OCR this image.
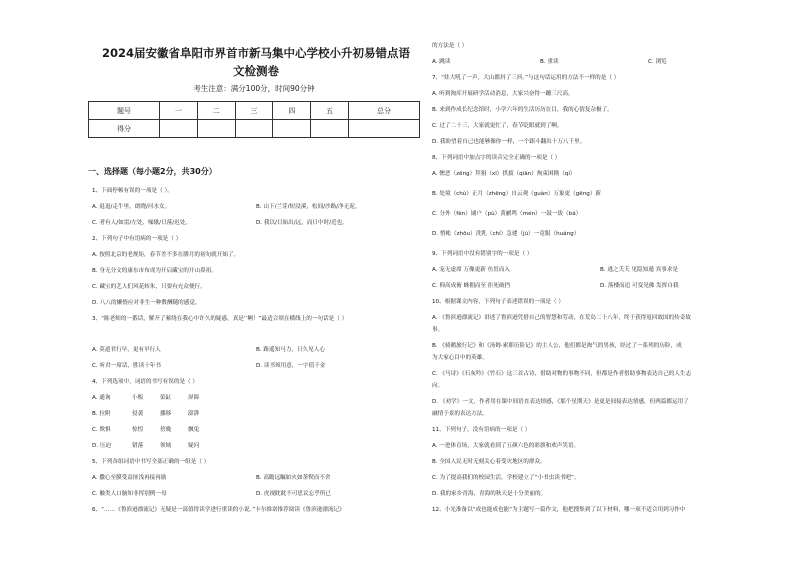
2024届安徽省阜阳市界首市新马集中心学校小升初易错点语
文检测卷
考生注意：满分100分，时间90分钟
题号	一	二	三	四	五	总分
得分						
一、选择题（每小题2分，共30分）
1、下面停顿有误的一项是（ ）。
A. 退退/走牛里，朗晓/河水女。	B. 山下/兰芽/短浸溪，松间/沙路/净无泥。
C. 者有人/如雷/左处，噪歇/日落/迟处。	D. 我以/日始出/远，而日中时/近也。
2、下列句子中有语病的一项是（ ）
A. 按照北京的老规矩，春节差不多在腊月的初旬就开始了。
B. 身无分文的康东市布成为开启藏宝的开山鼻祖。
C. 藏宝的艺人们风花转朱，只要有充众便行。
D. 八八的懒惰应对非生一种敷酬随的感觉。
3、“陈老师的一番话，解开了萦绕在我心中许久的疑惑，真是‘’啊！”最适合填在横线上的一句话是（ ）
A. 莫道君行早，更有早行人	B. 路遥知马力，日久见人心
C. 听君一席话，胜读十年书	D. 读书须用意，一字值千金
4、下列选项中，词语的书写有误的是（ ）
A. 通询	小贩	染缸	屏障
B. 拉附	侵袭	挪移	澎湃
C. 欺惧	惊惶	傍晚	飘兔
D. 压迫	错落	领域	疑问
5、下列各组词语中书写全部正确的一组是（ ）
A. 撒心至膜受益匪浅再接再励	B. 高瞻远瞩如火如荼锲而不舍
C. 触类人口脑知非挥别例一母	D. 虎视眈眈不可思议忘乎所已
6、“……《鲁滨逊漂流记》无疑是一部值得读学进行重读的小说。”卡尔维诺推荐阅读《鲁滨逊漂流记》
的方法是（ ）
A. 跳读	B. 重读	C. 浏览
7、“娃大吼了一声，大山都抖了三抖。”与这句话运用的方法不一样的是（ ）
A. 听到淘库开展研学活动消息，大家兴奋得一蹦三尺高。
B. 来到作成长纪念馆时，小学六年的生活历历在目，我的心情复杂极了。
C. 过了二十三，大家就更忙了，春节眨眼就到了啊。
D. 我盼望着自己也能够像你一样，一个跟斗翻出十万八千里。
8、下列词语中加点字的读音完全正确的一项是（ ）
A. 懊恶（zēng）拜狷（xī）拱拔（qiān）拘束困拗（qí）
B. 处境（chù）正月（zhēng）自云观（guàn）万象更（gēng）新
C. 分外（fèn）铺户（pù）黄鹂鸣（mén）一鼓一钹（bá）
D. 悄帐（zhōu）洗乳（chí）急遽（jù）一竟服（huáng）
9、下列词语中没有错别字的一项是（ ）
A. 宠无虚席 万像更新 鱼贯而入	B. 逃之夭夭 见隐知遁 宾事求是
C. 仰高成俯 蜂拥而至 拒死破挡	D. 落楼而追 可变见佛 发挥自我
10、根据课文内容，下列句子表述错误的一项是（ ）
A. 《鲁滨逊漂流记》讲述了鲁滨逊凭借自己的智慧和劳动，在荒岛二十八年，终于获得返回故国的传奇故
事。
B. 《骑鹅旅行记》和《汤姆·索耶历险记》的主人公，他们都是淘气的男孩，经过了一系列的历险，成
为大家心目中的英雄。
C. 《马诗》《石灰吟》《竹石》这三首古诗，借助对物的事物不同，但都是作者借助事物表达自己的人生志
向。
D. 《劝学》一文，作者用在课中间语直表达情感，《那个星期天》是更是间接表达情感，但两篇都运用了
融情于景的表达方法。
11、下列句子，没有语病的一项是（ ）
A. 一进体育场，大家就看到了五颜六色的彩旗和欢声笑语。
B. 全国人民无时无刻关心着受灾地区的群众。
C. 为了提高我们的校园生活，学校建立了“小书虫读书吧”。
D. 我的家乡青海，青海的秋天是十分美丽的。
12、小光准备以“成也能成也能”为主题写一篇作文，他把搜集到了以下材料，哪一项不适合用到习作中
